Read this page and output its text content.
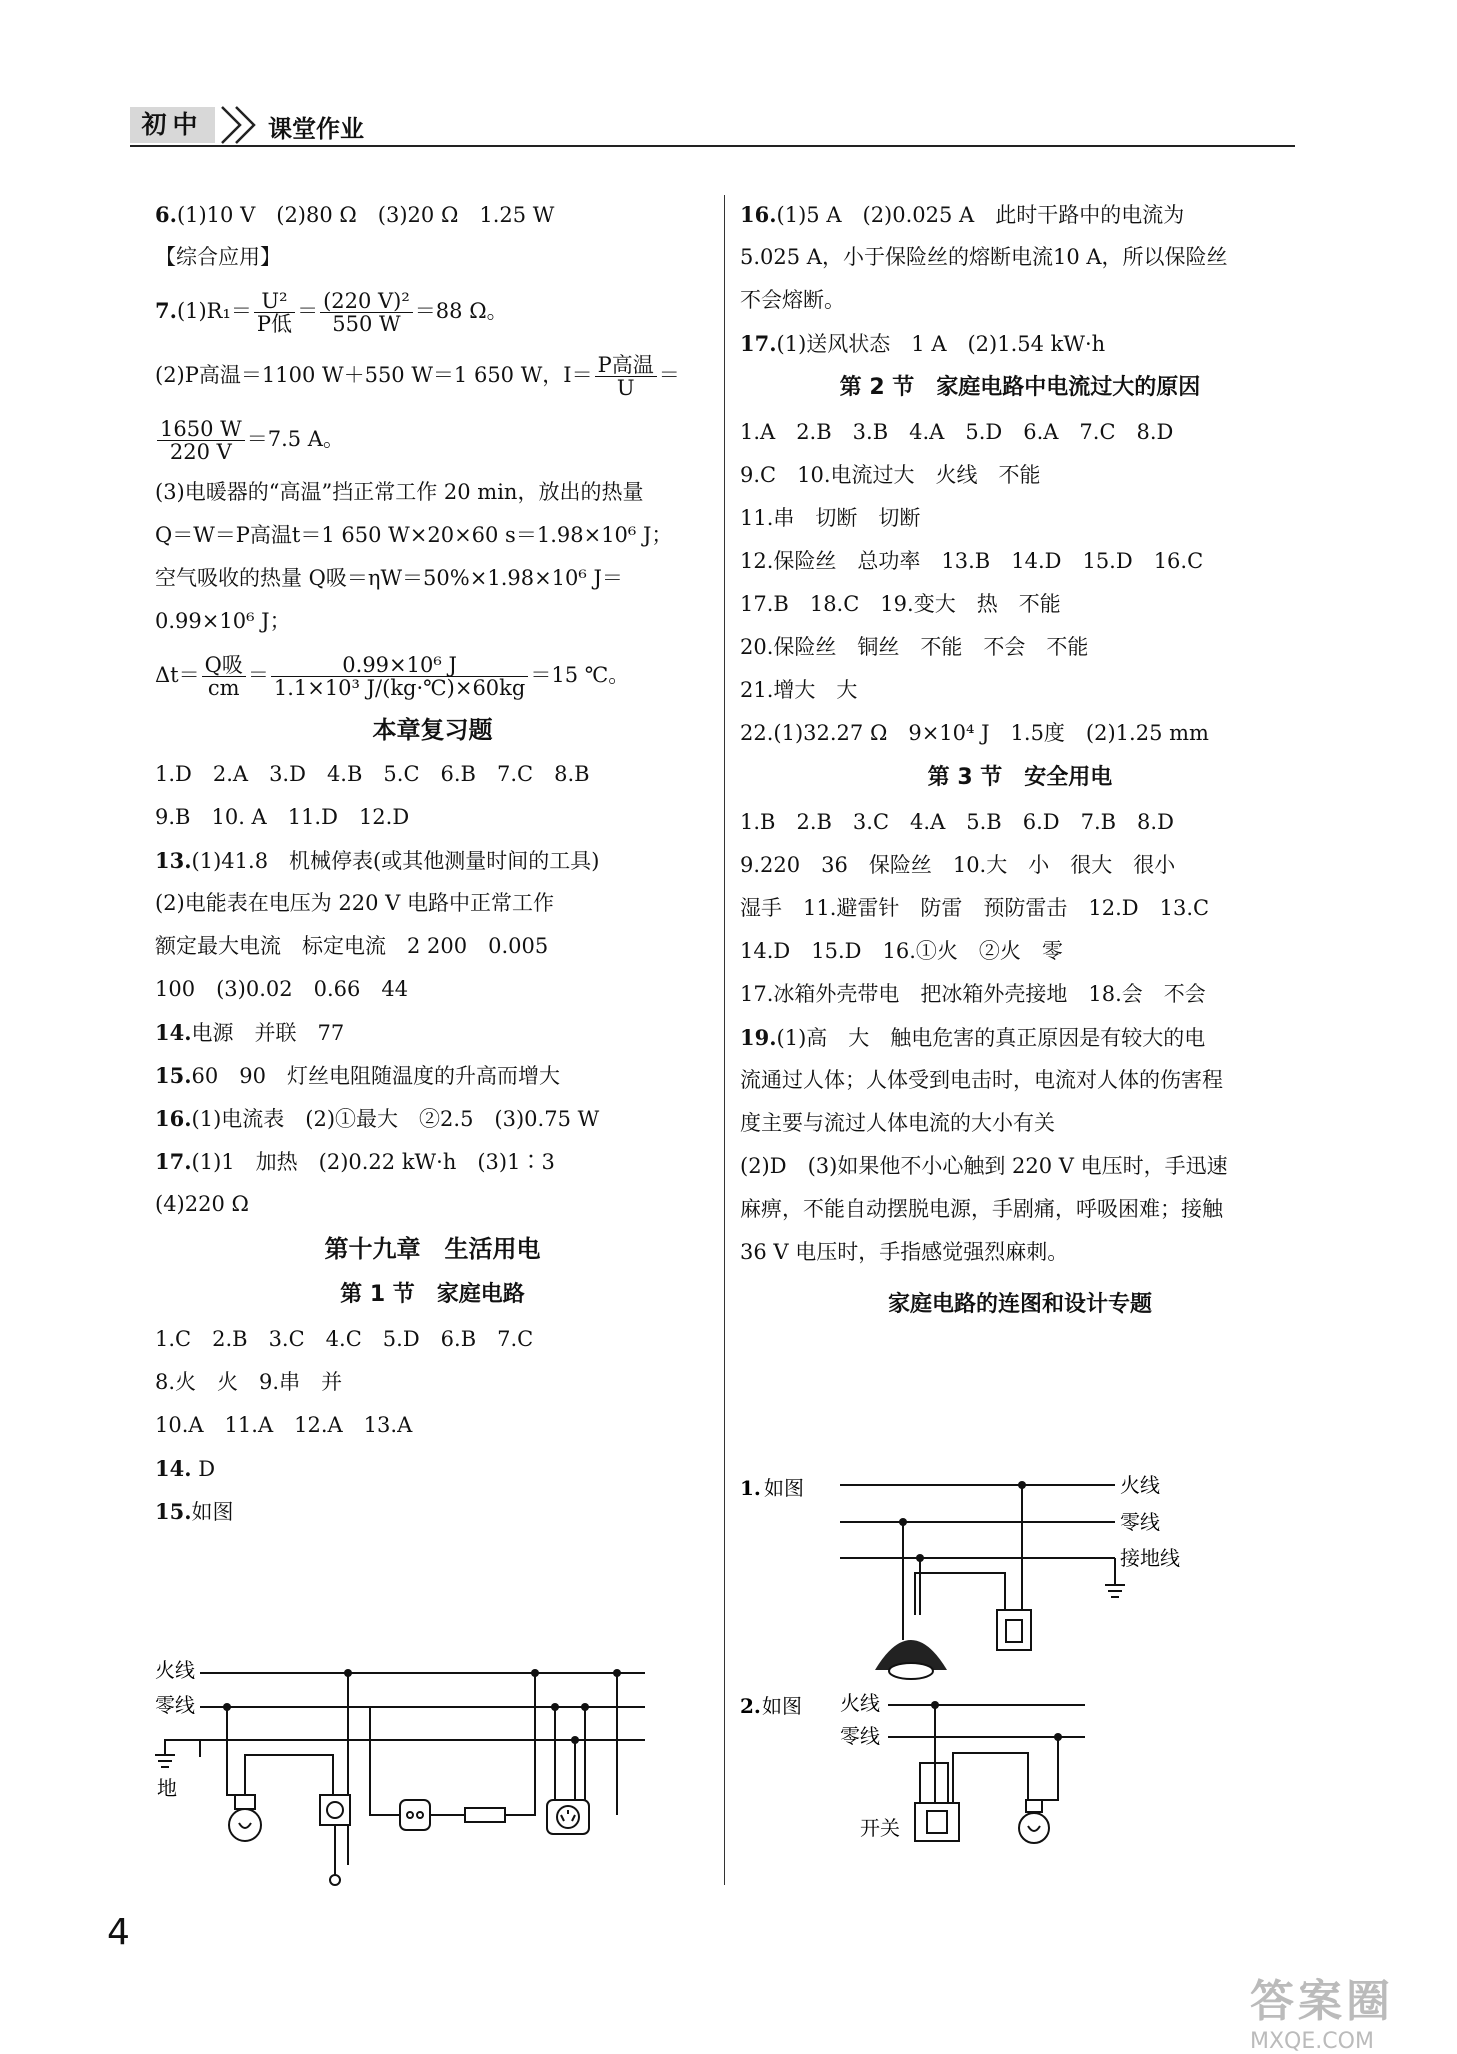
初中	课堂作业
6.(1)10 V　(2)80 Ω　(3)20 Ω　1.25 W
【综合应用】
$7.(1)R_1= \frac{\text{U²}}{\text{P低}} = \frac{\text{(220 V)²}}{550 W} =88$ Ω。
(2)P高温＝1100 W＋550 W＝1 650 W，$I= \frac{\text{P高温}}{U}$ ＝
$\frac{1650 W}{220 V} =7.5$ A。
(3)电暖器的“高温”挡正常工作 20 min，放出的热量
Q＝W＝P高温t＝1 650 W×20×60 s＝1.98×10⁶ J；
空气吸收的热量 Q吸＝ηW＝50%×1.98×10⁶ J＝
0.99×10⁶ J；
$\Delta t= \frac{\text{Q吸}}{cm} = \frac{\text{0.99×10⁶ J}}{\text{1.1×10³ J/(kg·℃)×60kg}} =15$ ℃。
本章复习题
1.D　2.A　3.D　4.B　5.C　6.B　7.C　8.B
9.B　10. A　11.D　12.D
13.(1)41.8　机械停表(或其他测量时间的工具)
(2)电能表在电压为 220 V 电路中正常工作
额定最大电流　标定电流　2 200　0.005
100　(3)0.02　0.66　44
14.电源　并联　77
15.60　90　灯丝电阻随温度的升高而增大
16.(1)电流表　(2)①最大　②2.5　(3)0.75 W
17.(1)1　加热　(2)0.22 kW·h　(3)1∶3
(4)220 Ω
第十九章　生活用电
第 1 节　家庭电路
1.C　2.B　3.C　4.C　5.D　6.B　7.C
8.火　火　9.串　并
10.A　11.A　12.A　13.A
14. D
15.如图
火线
零线
地
16.(1)5 A　(2)0.025 A　此时干路中的电流为
5.025 A，小于保险丝的熔断电流10 A，所以保险丝
不会熔断。
17.(1)送风状态　1 A　(2)1.54 kW·h
第 2 节　家庭电路中电流过大的原因
1.A　2.B　3.B　4.A　5.D　6.A　7.C　8.D
9.C　10.电流过大　火线　不能
11.串　切断　切断
12.保险丝　总功率　13.B　14.D　15.D　16.C
17.B　18.C　19.变大　热　不能
20.保险丝　铜丝　不能　不会　不能
21.增大　大
22.(1)32.27 Ω　9×10⁴ J　1.5度　(2)1.25 mm
第 3 节　安全用电
1.B　2.B　3.C　4.A　5.B　6.D　7.B　8.D
9.220　36　保险丝　10.大　小　很大　很小
湿手　11.避雷针　防雷　预防雷击　12.D　13.C
14.D　15.D　16.①火　②火　零
17.冰箱外壳带电　把冰箱外壳接地　18.会　不会
19.(1)高　大　触电危害的真正原因是有较大的电
流通过人体；人体受到电击时，电流对人体的伤害程
度主要与流过人体电流的大小有关
(2)D　(3)如果他不小心触到 220 V 电压时，手迅速
麻痹，不能自动摆脱电源，手剧痛，呼吸困难；接触
36 V 电压时，手指感觉强烈麻刺。
家庭电路的连图和设计专题
1. 如图	火线
零线
接地线
2. 如图 火线
零线
开关
4
答案圈
MXQE.COM
